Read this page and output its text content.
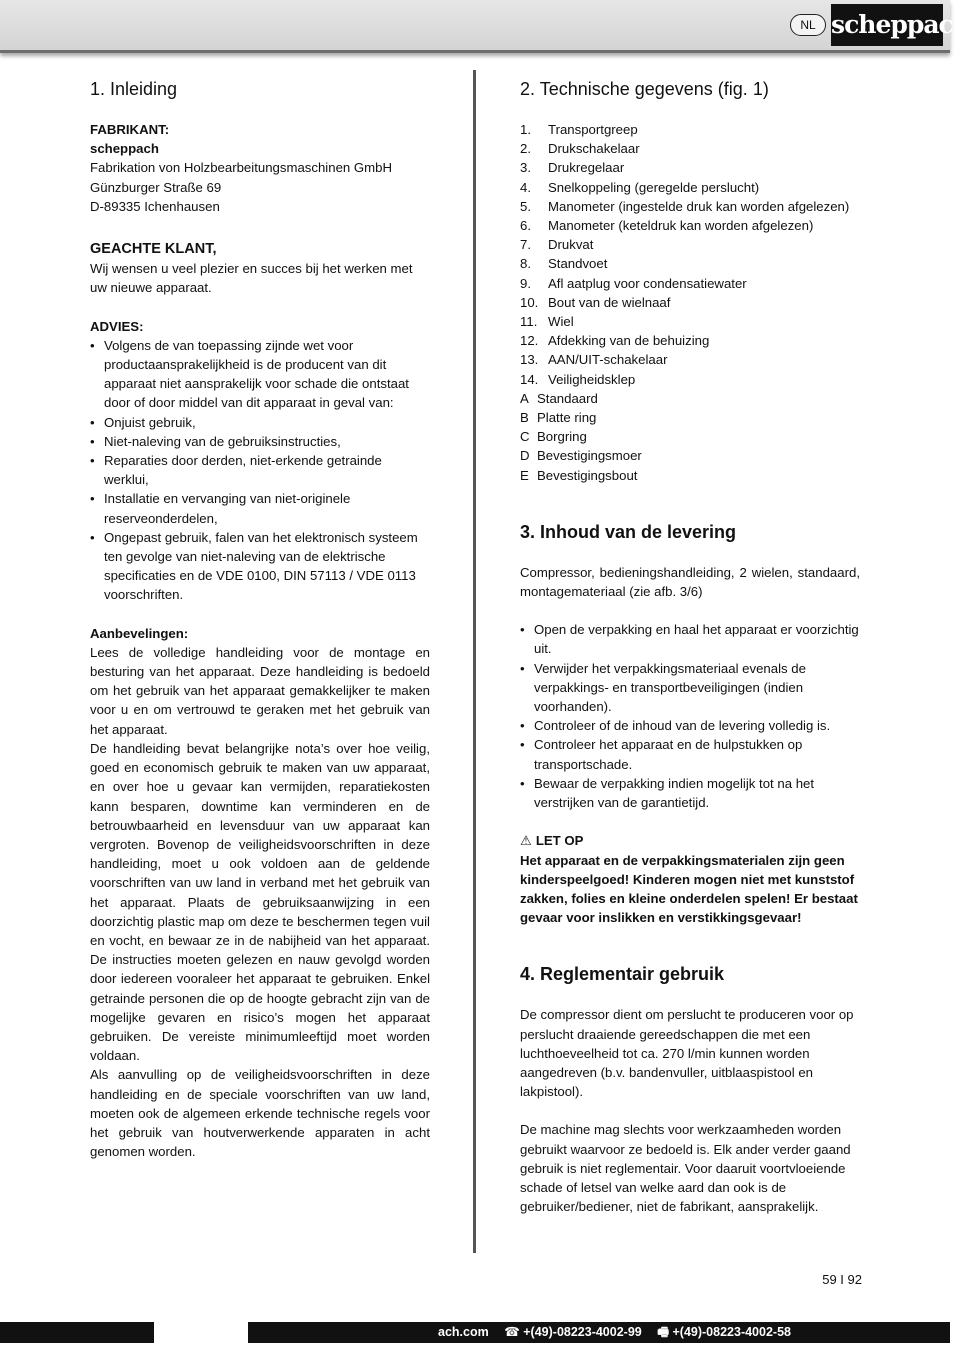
NL scheppach
1. Inleiding

FABRIKANT:

scheppach

Fabrikation von Holzbearbeitungsmaschinen GmbH

Günzburger Straße 69

D-89335 Ichenhausen

GEACHTE KLANT,

Wij wensen u veel plezier en succes bij het werken met uw nieuwe apparaat.

ADVIES:

• Volgens de van toepassing zijnde wet voor productaansprakelijkheid is de producent van dit apparaat niet aansprakelijk voor schade die ontstaat door of door middel van dit apparaat in geval van:
• Onjuist gebruik,
• Niet-naleving van de gebruiksinstructies,
• Reparaties door derden, niet-erkende getrainde werklui,
• Installatie en vervanging van niet-originele reserveonderdelen,
• Ongepast gebruik, falen van het elektronisch systeem ten gevolge van niet-naleving van de elektrische specificaties en de VDE 0100, DIN 57113 / VDE 0113 voorschriften.

Aanbevelingen:

Lees de volledige handleiding voor de montage en besturing van het apparaat. Deze handleiding is bedoeld om het gebruik van het apparaat gemakkelijker te maken voor u en om vertrouwd te geraken met het gebruik van het apparaat.

De handleiding bevat belangrijke nota’s over hoe veilig, goed en economisch gebruik te maken van uw apparaat, en over hoe u gevaar kan vermijden, reparatiekosten kann besparen, downtime kan verminderen en de betrouwbaarheid en levensduur van uw apparaat kan vergroten. Bovenop de veiligheidsvoorschriften in deze handleiding, moet u ook voldoen aan de geldende voorschriften van uw land in verband met het gebruik van het apparaat. Plaats de gebruiksaanwijzing in een doorzichtig plastic map om deze te beschermen tegen vuil en vocht, en bewaar ze in de nabijheid van het apparaat. De instructies moeten gelezen en nauw gevolgd worden door iedereen vooraleer het apparaat te gebruiken. Enkel getrainde personen die op de hoogte gebracht zijn van de mogelijke gevaren en risico’s mogen het apparaat gebruiken. De vereiste minimumleeftijd moet worden voldaan.

Als aanvulling op de veiligheidsvoorschriften in deze handleiding en de speciale voorschriften van uw land, moeten ook de algemeen erkende technische regels voor het gebruik van houtverwerkende apparaten in acht genomen worden.

2. Technische gegevens (fig. 1)
1.	Transportgreep
2.	Drukschakelaar
3.	Drukregelaar
4.	Snelkoppeling (geregelde perslucht)
5.	Manometer (ingestelde druk kan worden afgelezen)
6.	Manometer (keteldruk kan worden afgelezen)
7.	Drukvat
8.	Standvoet
9.	Afl aatplug voor condensatiewater
10. Bout van de wielnaaf
11. Wiel
12. Afdekking van de behuizing
13. AAN/UIT-schakelaar
14. Veiligheidsklep
A Standaard
B Platte ring
C Borgring
D Bevestigingsmoer
E Bevestigingsbout
3. Inhoud van de levering

Compressor, bedieningshandleiding, 2 wielen, standaard, montagemateriaal (zie afb. 3/6)

• Open de verpakking en haal het apparaat er voorzichtig uit.
• Verwijder het verpakkingsmateriaal evenals de verpakkings- en transportbeveiligingen (indien voorhanden).
• Controleer of de inhoud van de levering volledig is.
• Controleer het apparaat en de hulpstukken op transportschade.
• Bewaar de verpakking indien mogelijk tot na het verstrijken van de garantietijd.

⚠ LET OP

Het apparaat en de verpakkingsmaterialen zijn geen kinderspeelgoed! Kinderen mogen niet met kunststof zakken, folies en kleine onderdelen spelen! Er bestaat gevaar voor inslikken en verstikkingsgevaar!

4. Reglementair gebruik

De compressor dient om perslucht te produceren voor op perslucht draaiende gereedschappen die met een luchthoeveelheid tot ca. 270 l/min kunnen worden aangedreven (b.v. bandenvuller, uitblaaspistool en lakpistool).

De machine mag slechts voor werkzaamheden worden gebruikt waarvoor ze bedoeld is. Elk ander verder gaand gebruik is niet reglementair. Voor daaruit voortvloeiende schade of letsel van welke aard dan ook is de gebruiker/bediener, niet de fabrikant, aansprakelijk.

59 I 92
ach.com ☎ +(49)-08223-4002-99 🖷 +(49)-08223-4002-58
